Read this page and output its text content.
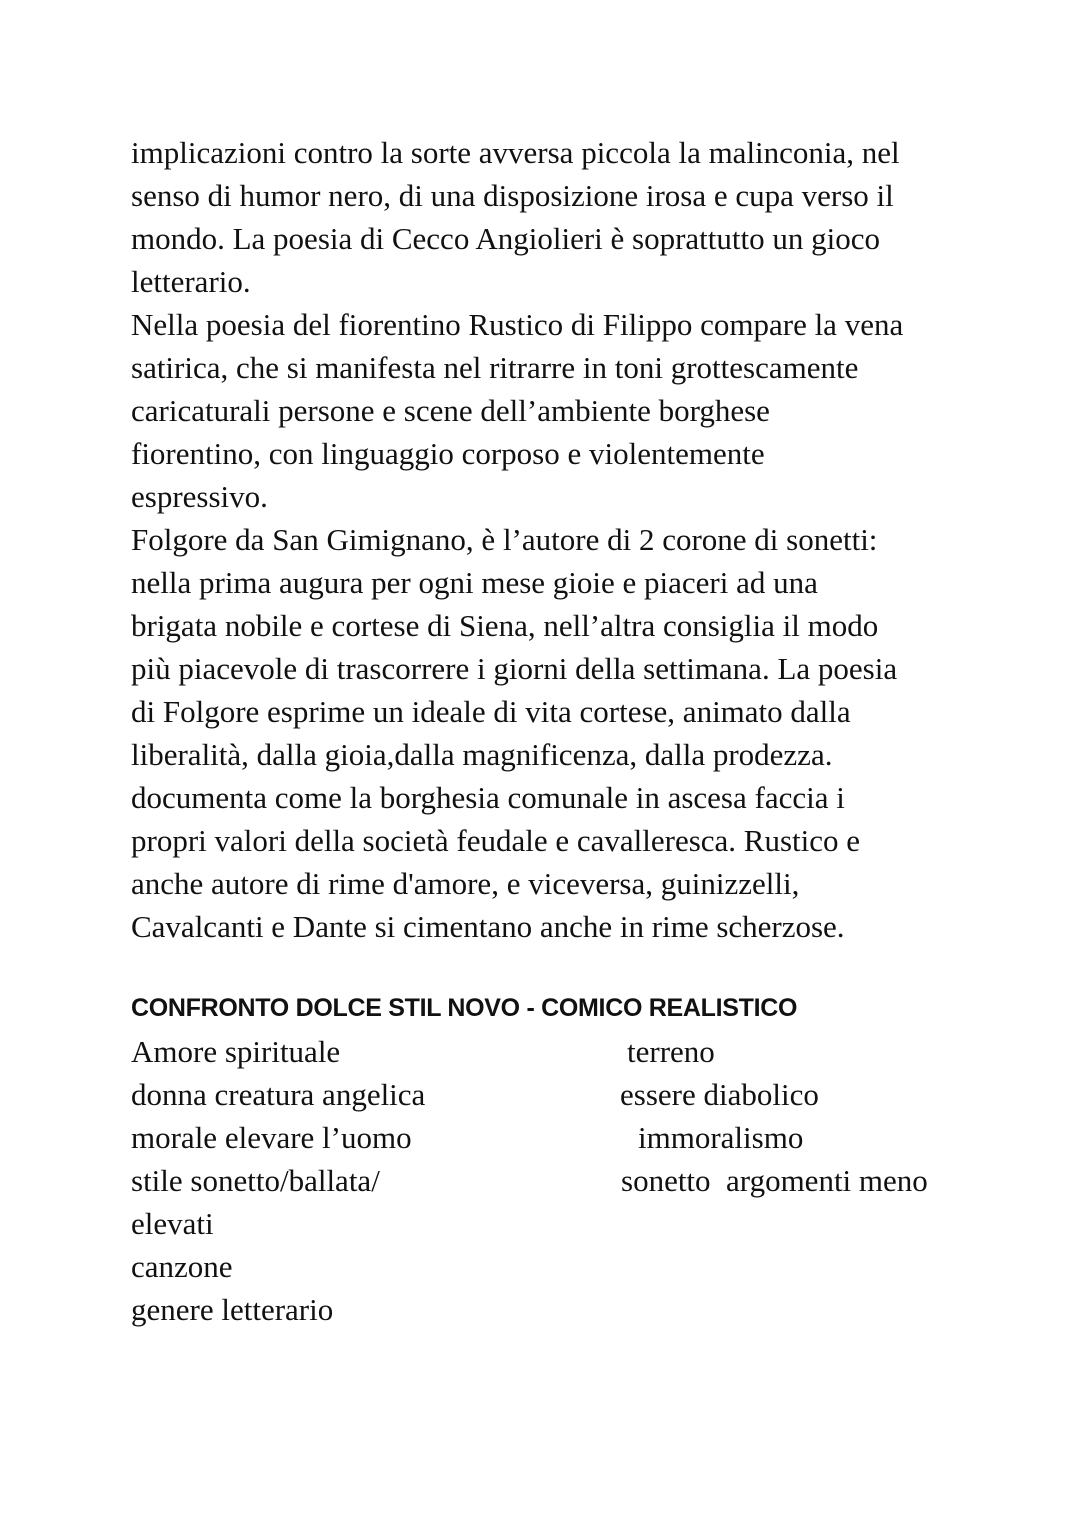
implicazioni contro la sorte avversa piccola la malinconia, nel
senso di humor nero, di una disposizione irosa e cupa verso il
mondo. La poesia di Cecco Angiolieri è soprattutto un gioco
letterario.
Nella poesia del fiorentino Rustico di Filippo compare la vena
satirica, che si manifesta nel ritrarre in toni grottescamente
caricaturali persone e scene dell’ambiente borghese
fiorentino, con linguaggio corposo e violentemente
espressivo.
Folgore da San Gimignano, è l’autore di 2 corone di sonetti:
nella prima augura per ogni mese gioie e piaceri ad una
brigata nobile e cortese di Siena, nell’altra consiglia il modo
più piacevole di trascorrere i giorni della settimana. La poesia
di Folgore esprime un ideale di vita cortese, animato dalla
liberalità, dalla gioia,dalla magnificenza, dalla prodezza.
documenta come la borghesia comunale in ascesa faccia i
propri valori della società feudale e cavalleresca. Rustico e
anche autore di rime d'amore, e viceversa, guinizzelli,
Cavalcanti e Dante si cimentano anche in rime scherzose.
CONFRONTO DOLCE STIL NOVO - COMICO REALISTICO
Amore spirituale
donna creatura angelica
morale elevare l’uomo
stile sonetto/ballata/
elevati
canzone
genere letterario
terreno
essere diabolico
immoralismo
sonetto  argomenti meno
